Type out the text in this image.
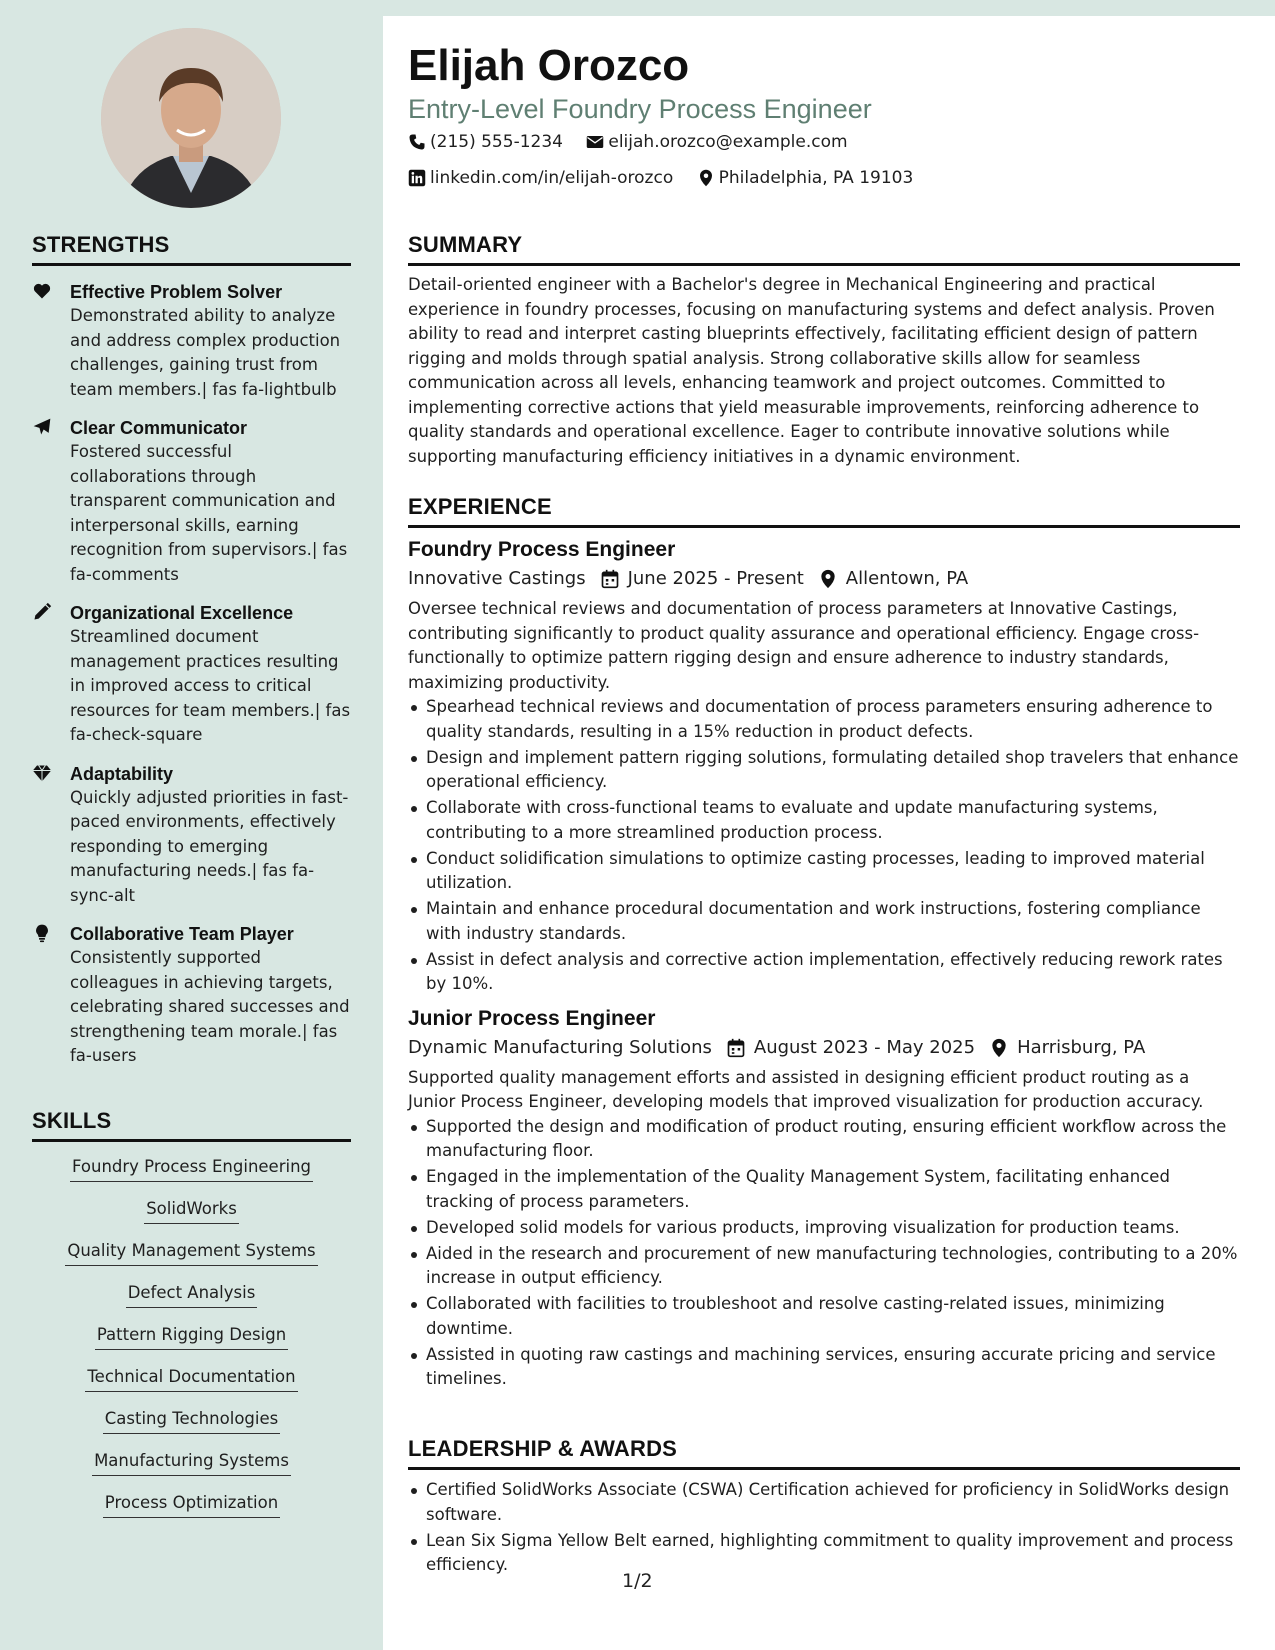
STRENGTHS
Effective Problem Solver
Demonstrated ability to analyze and address complex production challenges, gaining trust from team members.| fas fa-lightbulb
Clear Communicator
Fostered successful collaborations through transparent communication and interpersonal skills, earning recognition from supervisors.| fas fa-comments
Organizational Excellence
Streamlined document management practices resulting in improved access to critical resources for team members.| fas fa-check-square
Adaptability
Quickly adjusted priorities in fast-paced environments, effectively responding to emerging manufacturing needs.| fas fa-sync-alt
Collaborative Team Player
Consistently supported colleagues in achieving targets, celebrating shared successes and strengthening team morale.| fas fa-users
SKILLS
Foundry Process Engineering
SolidWorks
Quality Management Systems
Defect Analysis
Pattern Rigging Design
Technical Documentation
Casting Technologies
Manufacturing Systems
Process Optimization
Elijah Orozco
Entry-Level Foundry Process Engineer
(215) 555-1234
	elijah.orozco@example.com
linkedin.com/in/elijah-orozco
	Philadelphia, PA 19103
SUMMARY
Detail-oriented engineer with a Bachelor's degree in Mechanical Engineering and practical experience in foundry processes, focusing on manufacturing systems and defect analysis. Proven ability to read and interpret casting blueprints effectively, facilitating efficient design of pattern rigging and molds through spatial analysis. Strong collaborative skills allow for seamless communication across all levels, enhancing teamwork and project outcomes. Committed to implementing corrective actions that yield measurable improvements, reinforcing adherence to quality standards and operational excellence. Eager to contribute innovative solutions while supporting manufacturing efficiency initiatives in a dynamic environment.
EXPERIENCE
Foundry Process Engineer
Innovative Castings June 2025 - Present Allentown, PA
Oversee technical reviews and documentation of process parameters at Innovative Castings, contributing significantly to product quality assurance and operational efficiency. Engage cross-functionally to optimize pattern rigging design and ensure adherence to industry standards, maximizing productivity.
Spearhead technical reviews and documentation of process parameters ensuring adherence to quality standards, resulting in a 15% reduction in product defects.
Design and implement pattern rigging solutions, formulating detailed shop travelers that enhance operational efficiency.
Collaborate with cross-functional teams to evaluate and update manufacturing systems, contributing to a more streamlined production process.
Conduct solidification simulations to optimize casting processes, leading to improved material utilization.
Maintain and enhance procedural documentation and work instructions, fostering compliance with industry standards.
Assist in defect analysis and corrective action implementation, effectively reducing rework rates by 10%.
Junior Process Engineer
Dynamic Manufacturing Solutions August 2023 - May 2025 Harrisburg, PA
Supported quality management efforts and assisted in designing efficient product routing as a Junior Process Engineer, developing models that improved visualization for production accuracy.
Supported the design and modification of product routing, ensuring efficient workflow across the manufacturing floor.
Engaged in the implementation of the Quality Management System, facilitating enhanced tracking of process parameters.
Developed solid models for various products, improving visualization for production teams.
Aided in the research and procurement of new manufacturing technologies, contributing to a 20% increase in output efficiency.
Collaborated with facilities to troubleshoot and resolve casting-related issues, minimizing downtime.
Assisted in quoting raw castings and machining services, ensuring accurate pricing and service timelines.
LEADERSHIP & AWARDS
Certified SolidWorks Associate (CSWA) Certification achieved for proficiency in SolidWorks design software.
Lean Six Sigma Yellow Belt earned, highlighting commitment to quality improvement and process efficiency.
1/2
